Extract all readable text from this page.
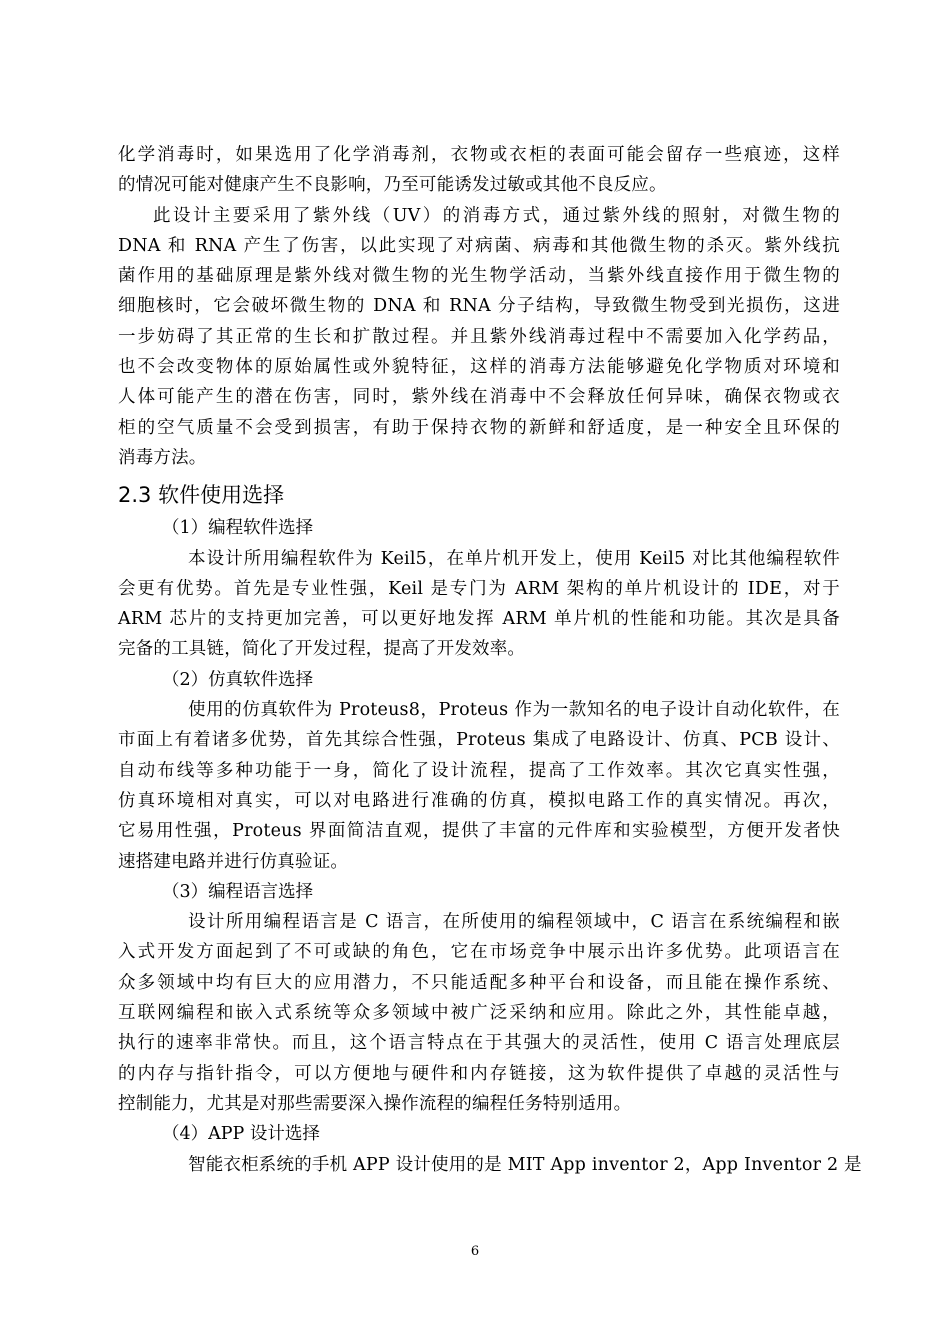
化学消毒时，如果选用了化学消毒剂，衣物或衣柜的表面可能会留存一些痕迹，这样
的情况可能对健康产生不良影响，乃至可能诱发过敏或其他不良反应。
此设计主要采用了紫外线（UV）的消毒方式，通过紫外线的照射，对微生物的
DNA 和 RNA 产生了伤害，以此实现了对病菌、病毒和其他微生物的杀灭。紫外线抗
菌作用的基础原理是紫外线对微生物的光生物学活动，当紫外线直接作用于微生物的
细胞核时，它会破坏微生物的 DNA 和 RNA 分子结构，导致微生物受到光损伤，这进
一步妨碍了其正常的生长和扩散过程。并且紫外线消毒过程中不需要加入化学药品，
也不会改变物体的原始属性或外貌特征，这样的消毒方法能够避免化学物质对环境和
人体可能产生的潜在伤害，同时，紫外线在消毒中不会释放任何异味，确保衣物或衣
柜的空气质量不会受到损害，有助于保持衣物的新鲜和舒适度，是一种安全且环保的
消毒方法。
2.3 软件使用选择
（1）编程软件选择
本设计所用编程软件为 Keil5，在单片机开发上，使用 Keil5 对比其他编程软件
会更有优势。首先是专业性强，Keil 是专门为 ARM 架构的单片机设计的 IDE，对于
ARM 芯片的支持更加完善，可以更好地发挥 ARM 单片机的性能和功能。其次是具备
完备的工具链，简化了开发过程，提高了开发效率。
（2）仿真软件选择
使用的仿真软件为 Proteus8，Proteus 作为一款知名的电子设计自动化软件，在
市面上有着诸多优势，首先其综合性强，Proteus 集成了电路设计、仿真、PCB 设计、
自动布线等多种功能于一身，简化了设计流程，提高了工作效率。其次它真实性强，
仿真环境相对真实，可以对电路进行准确的仿真，模拟电路工作的真实情况。再次，
它易用性强，Proteus 界面简洁直观，提供了丰富的元件库和实验模型，方便开发者快
速搭建电路并进行仿真验证。
（3）编程语言选择
设计所用编程语言是 C 语言，在所使用的编程领域中，C 语言在系统编程和嵌
入式开发方面起到了不可或缺的角色，它在市场竞争中展示出许多优势。此项语言在
众多领域中均有巨大的应用潜力，不只能适配多种平台和设备，而且能在操作系统、
互联网编程和嵌入式系统等众多领域中被广泛采纳和应用。除此之外，其性能卓越，
执行的速率非常快。而且，这个语言特点在于其强大的灵活性，使用 C 语言处理底层
的内存与指针指令，可以方便地与硬件和内存链接，这为软件提供了卓越的灵活性与
控制能力，尤其是对那些需要深入操作流程的编程任务特别适用。
（4）APP 设计选择
智能衣柜系统的手机 APP 设计使用的是 MIT App inventor 2，App Inventor 2 是
6
